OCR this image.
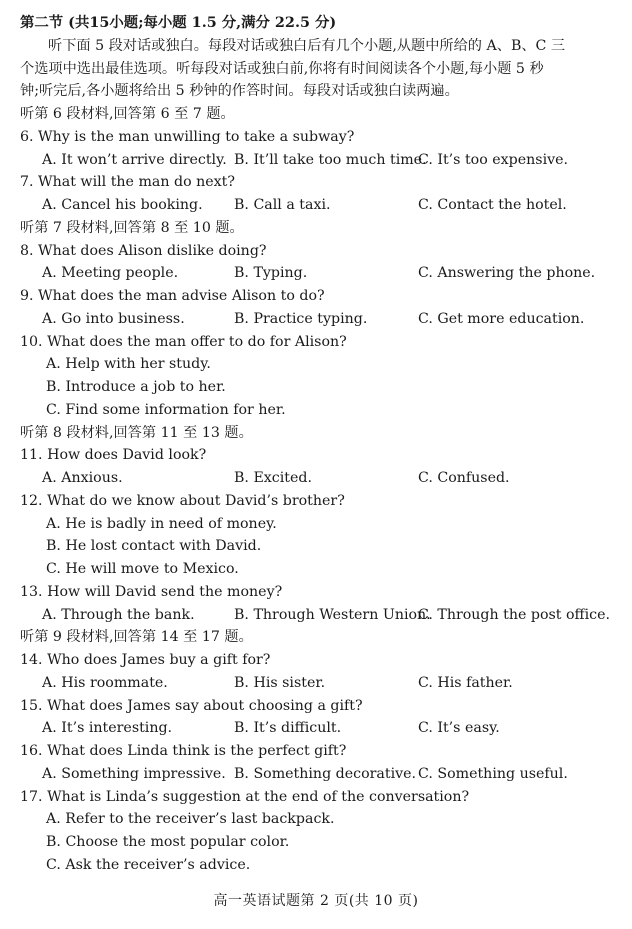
第二节 (共15小题;每小题 1.5 分,满分 22.5 分)
听下面 5 段对话或独白。每段对话或独白后有几个小题,从题中所给的 A、B、C 三
个选项中选出最佳选项。听每段对话或独白前,你将有时间阅读各个小题,每小题 5 秒
钟;听完后,各小题将给出 5 秒钟的作答时间。每段对话或独白读两遍。
听第 6 段材料,回答第 6 至 7 题。
6. Why is the man unwilling to take a subway?
A. It won’t arrive directly. B. It’ll take too much time.
C. It’s too expensive.
7. What will the man do next?
A. Cancel his booking. B. Call a taxi.	C. Contact the hotel.
听第 7 段材料,回答第 8 至 10 题。
8. What does Alison dislike doing?
A. Meeting people.	B. Typing.	C. Answering the phone.
9. What does the man advise Alison to do?
A. Go into business.	B. Practice typing.	C. Get more education.
10. What does the man offer to do for Alison?
A. Help with her study.
B. Introduce a job to her.
C. Find some information for her.
听第 8 段材料,回答第 11 至 13 题。
11. How does David look?
A. Anxious.	B. Excited.	C. Confused.
12. What do we know about David’s brother?
A. He is badly in need of money.
B. He lost contact with David.
C. He will move to Mexico.
13. How will David send the money?
A. Through the bank.	B. Through Western Union.
C. Through the post office.
听第 9 段材料,回答第 14 至 17 题。
14. Who does James buy a gift for?
A. His roommate.	B. His sister.	C. His father.
15. What does James say about choosing a gift?
A. It’s interesting.	B. It’s difficult.	C. It’s easy.
16. What does Linda think is the perfect gift?
A. Something impressive. B. Something decorative. C. Something useful.
17. What is Linda’s suggestion at the end of the conversation?
A. Refer to the receiver’s last backpack.
B. Choose the most popular color.
C. Ask the receiver’s advice.
高一英语试题第 2 页(共 10 页)
